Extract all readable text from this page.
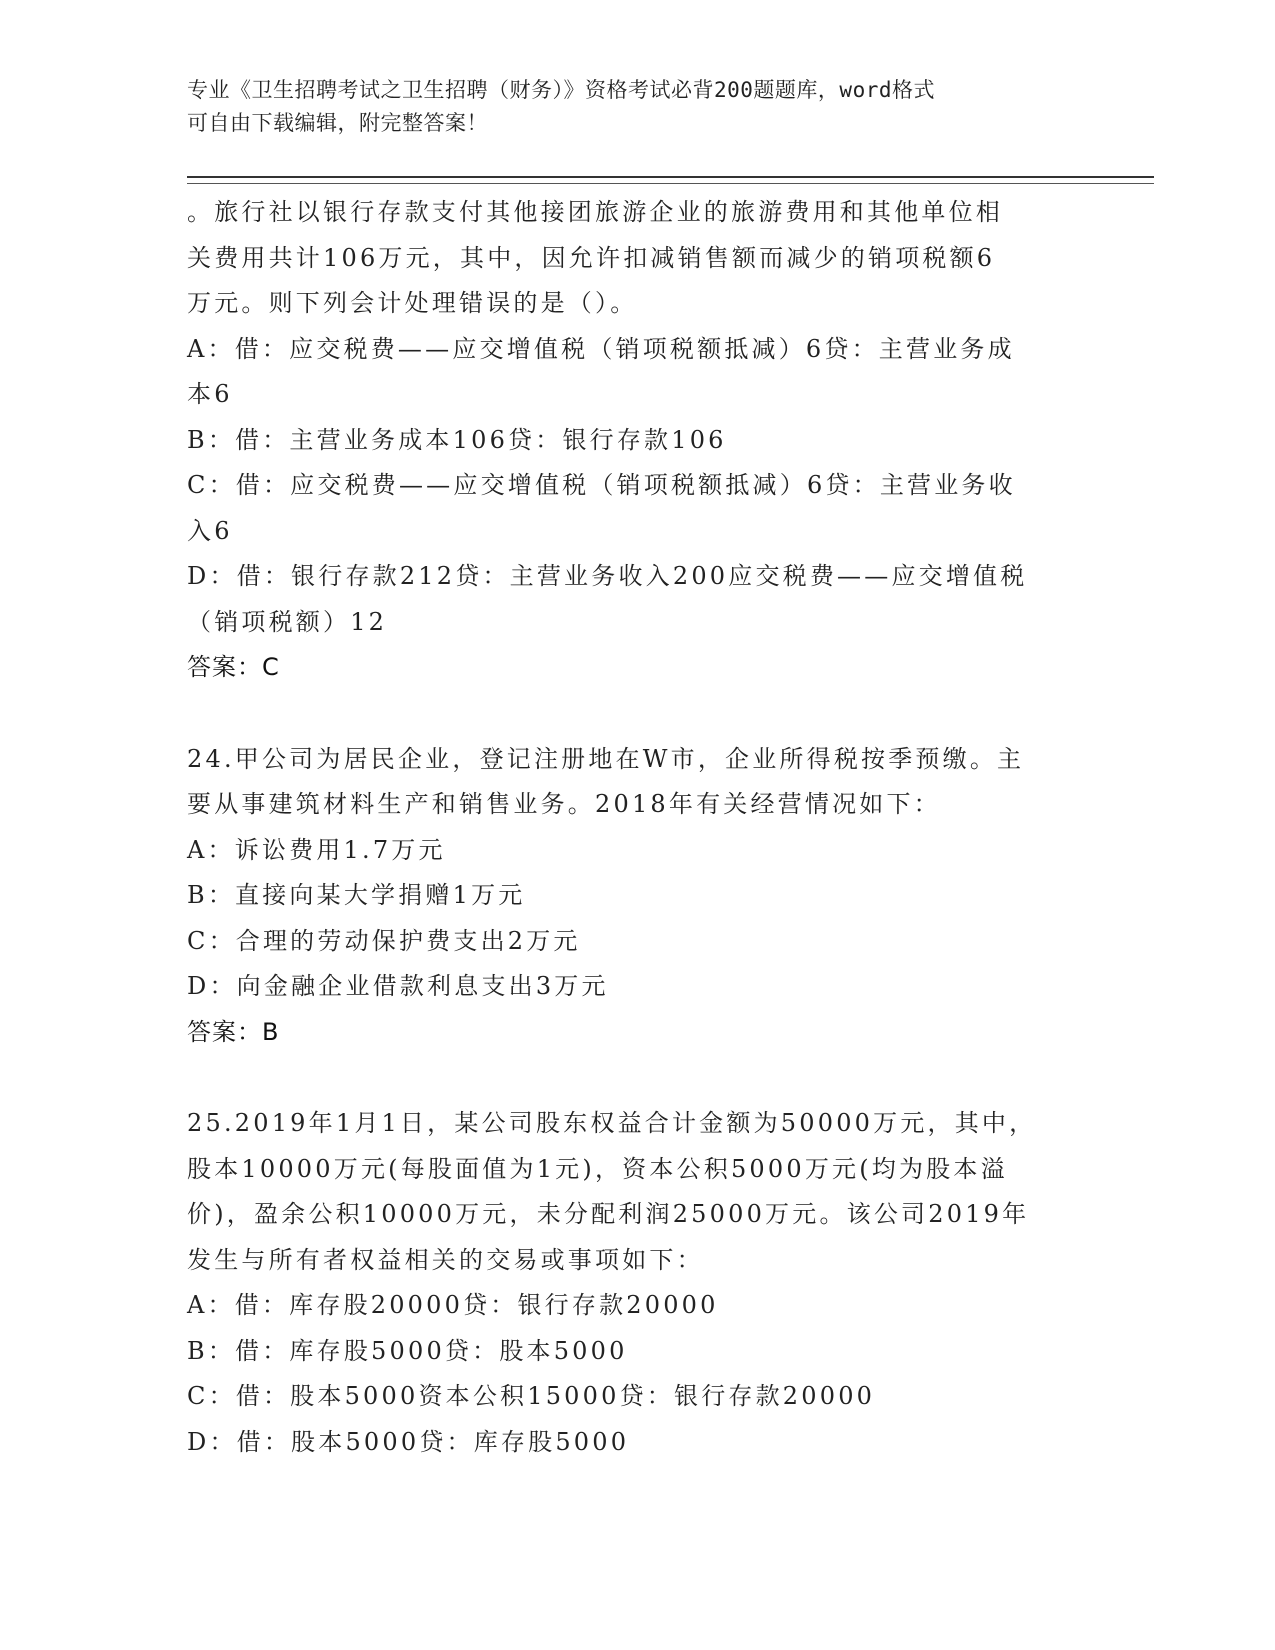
专业《卫生招聘考试之卫生招聘（财务）》资格考试必背200题题库，word格式
可自由下载编辑，附完整答案！
。旅行社以银行存款支付其他接团旅游企业的旅游费用和其他单位相
关费用共计106万元，其中，因允许扣减销售额而减少的销项税额6
万元。则下列会计处理错误的是（）。
A：借：应交税费——应交增值税（销项税额抵减）6贷：主营业务成
本6
B：借：主营业务成本106贷：银行存款106
C：借：应交税费——应交增值税（销项税额抵减）6贷：主营业务收
入6
D：借：银行存款212贷：主营业务收入200应交税费——应交增值税
（销项税额）12
答案：C
24.甲公司为居民企业，登记注册地在W市，企业所得税按季预缴。主
要从事建筑材料生产和销售业务。2018年有关经营情况如下：
A：诉讼费用1.7万元
B：直接向某大学捐赠1万元
C：合理的劳动保护费支出2万元
D：向金融企业借款利息支出3万元
答案：B
25.2019年1月1日，某公司股东权益合计金额为50000万元，其中，
股本10000万元(每股面值为1元)，资本公积5000万元(均为股本溢
价)，盈余公积10000万元，未分配利润25000万元。该公司2019年
发生与所有者权益相关的交易或事项如下：
A：借：库存股20000贷：银行存款20000
B：借：库存股5000贷：股本5000
C：借：股本5000资本公积15000贷：银行存款20000
D：借：股本5000贷：库存股5000
